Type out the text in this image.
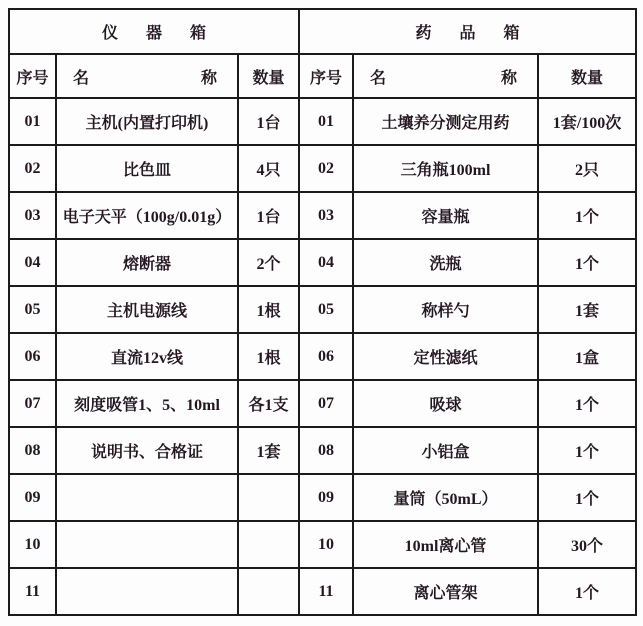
仪　器　箱			药　品　箱		
序号	名 称	数量	序号	名 称	数量
01	主机(内置打印机)	1台	01	土壤养分测定用药	1套/100次
02	比色皿	4只	02	三角瓶100ml	2只
03	电子天平（100g/0.01g）	1台	03	容量瓶	1个
04	熔断器	2个	04	洗瓶	1个
05	主机电源线	1根	05	称样勺	1套
06	直流12v线	1根	06	定性滤纸	1盒
07	刻度吸管1、5、10ml	各1支	07	吸球	1个
08	说明书、合格证	1套	08	小铝盒	1个
09			09	量筒（50mL）	1个
10			10	10ml离心管	30个
11			11	离心管架	1个
